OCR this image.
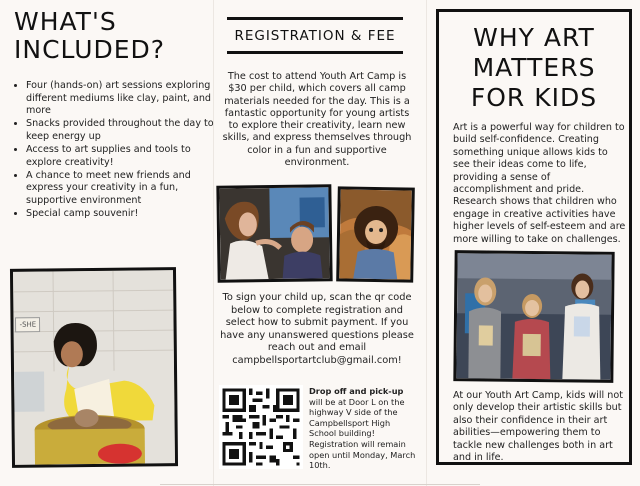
WHAT'S
INCLUDED?
• Four (hands-on) art sessions exploring different mediums like clay, paint, and more
• Snacks provided throughout the day to keep energy up
• Access to art supplies and tools to explore creativity!
• A chance to meet new friends and express your creativity in a fun, supportive environment
• Special camp souvenir!
-SHE
REGISTRATION & FEE

The cost to attend Youth Art Camp is $30 per child, which covers all camp materials needed for the day. This is a fantastic opportunity for young artists to explore their creativity, learn new skills, and express themselves through color in a fun and supportive environment.

To sign your child up, scan the qr code below to complete registration and select how to submit payment. If you have any unanswered questions please reach out and email campbellsportartclub@gmail.com!

Drop off and pick-up will be at Door L on the highway V side of the Campbellsport High School building! Registration will remain open until Monday, March 10th.

WHY ART
MATTERS
FOR KIDS

Art is a powerful way for children to build self-confidence. Creating something unique allows kids to see their ideas come to life, providing a sense of accomplishment and pride. Research shows that children who engage in creative activities have higher levels of self-esteem and are more willing to take on challenges.

At our Youth Art Camp, kids will not only develop their artistic skills but also their confidence in their art abilities—empowering them to tackle new challenges both in art and in life.
